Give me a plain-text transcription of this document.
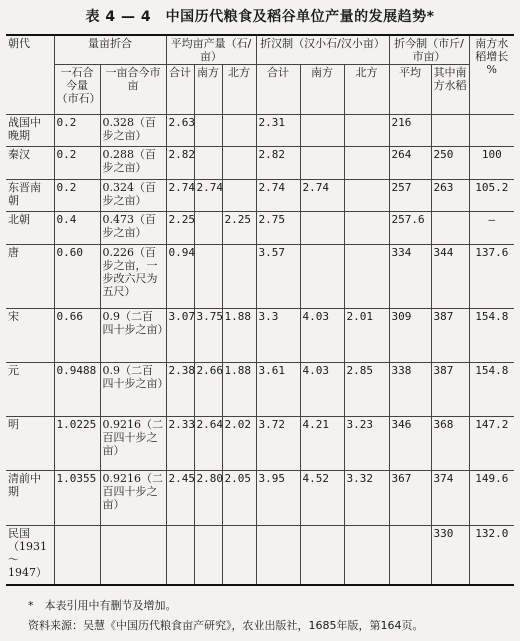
表 4 — 4　中国历代粮食及稻谷单位产量的发展趋势*
朝代	量亩折合		平均亩产量（石/亩）			折汉制（汉小石/汉小亩）			折今制（市斤/市亩）		南方水稻增长 %
	一石合今量（市石）	一亩合今市亩	合计	南方	北方	合计	南方	北方	平均	其中南方水稻	
战国中晚期	0.2	0.328（百步之亩）	2.63			2.31			216		
秦汉	0.2	0.288（百步之亩）	2.82			2.82			264	250	100
东晋南朝	0.2	0.324（百步之亩）	2.74	2.74		2.74	2.74		257	263	105.2
北朝	0.4	0.473（百步之亩）	2.25		2.25	2.75			257.6		—
唐	0.60	0.226（百步之亩，一步改六尺为五尺）	0.94			3.57			334	344	137.6
宋	0.66	0.9（二百四十步之亩）	3.07	3.75	1.88	3.3	4.03	2.01	309	387	154.8
元	0.9488	0.9（二百四十步之亩）	2.38	2.66	1.88	3.61	4.03	2.85	338	387	154.8
明	1.0225	0.9216（二百四十步之亩）	2.33	2.64	2.02	3.72	4.21	3.23	346	368	147.2
清前中期	1.0355	0.9216（二百四十步之亩）	2.45	2.80	2.05	3.95	4.52	3.32	367	374	149.6
民国（1931～1947）										330	132.0
*　本表引用中有删节及增加。
资料来源：吴慧《中国历代粮食亩产研究》，农业出版社，1685年版，第164页。
